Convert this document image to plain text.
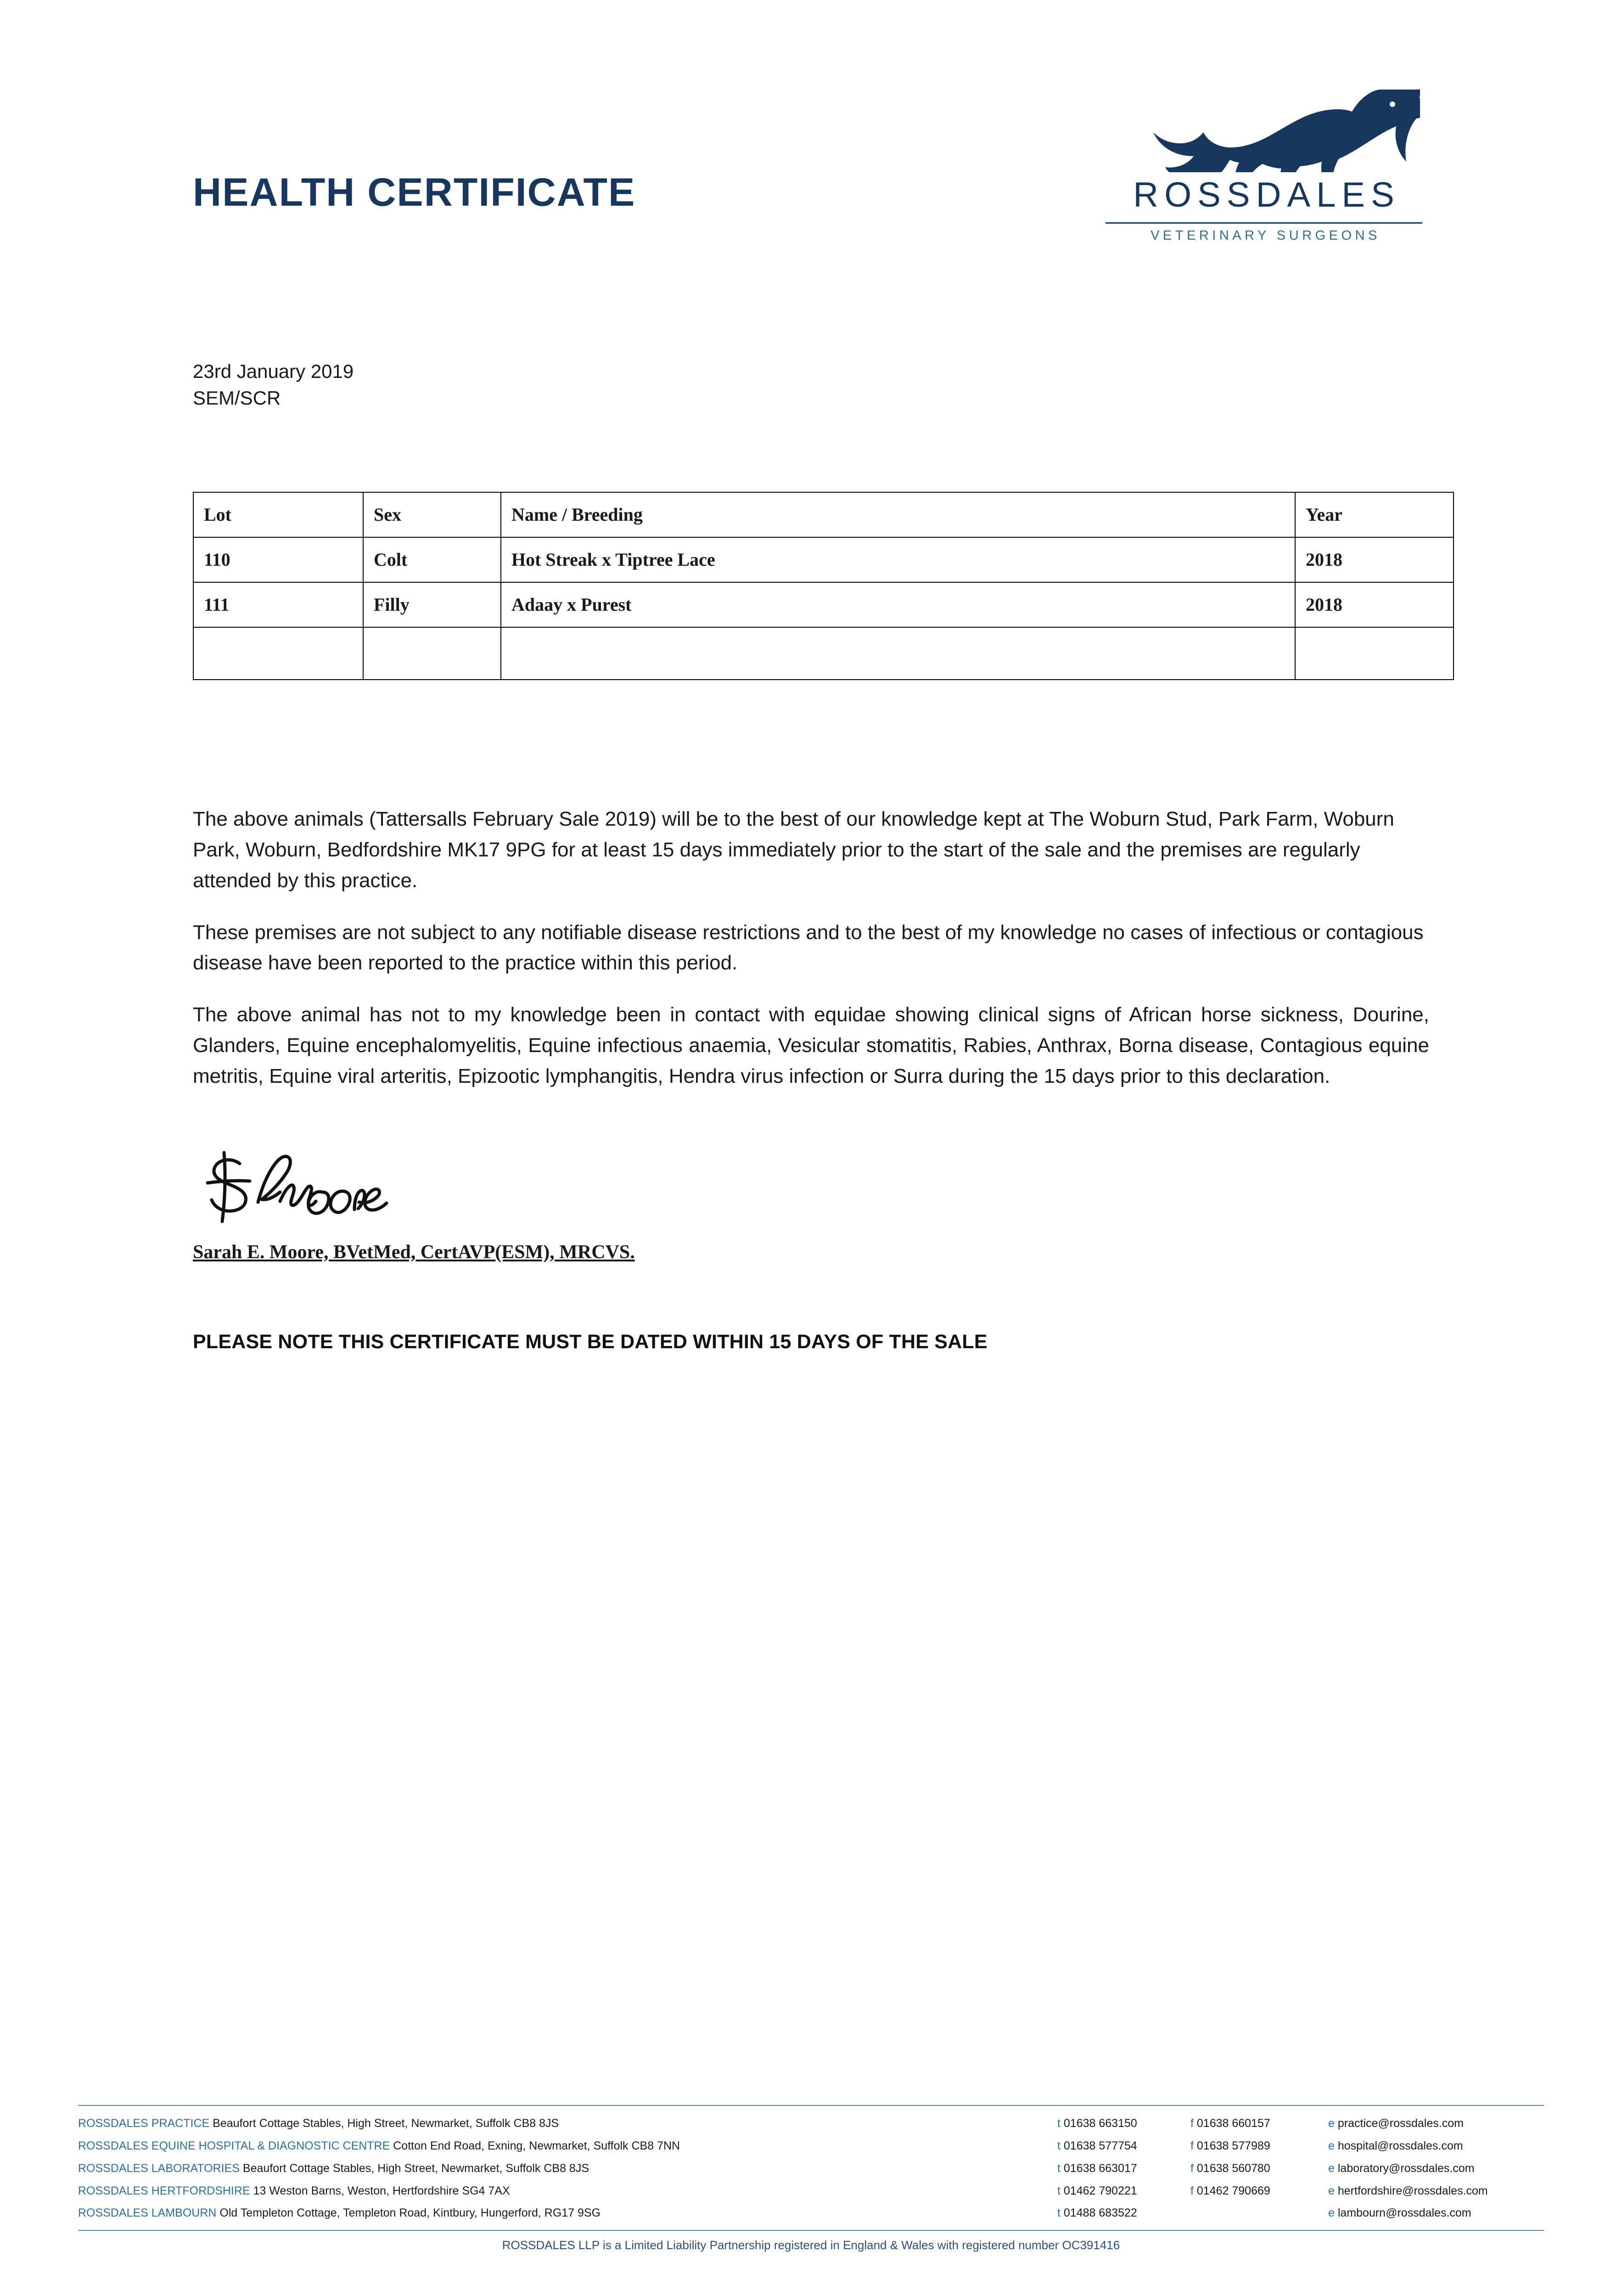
HEALTH CERTIFICATE	ROSSDALES
VETERINARY SURGEONS
23rd January 2019
SEM/SCR
Lot	Sex	Name / Breeding	Year
110	Colt	Hot Streak x Tiptree Lace	2018
111	Filly	Adaay x Purest	2018

The above animals (Tattersalls February Sale 2019) will be to the best of our knowledge kept at The Woburn Stud, Park Farm, Woburn Park, Woburn, Bedfordshire MK17 9PG for at least 15 days immediately prior to the start of the sale and the premises are regularly attended by this practice.

These premises are not subject to any notifiable disease restrictions and to the best of my knowledge no cases of infectious or contagious disease have been reported to the practice within this period.

The above animal has not to my knowledge been in contact with equidae showing clinical signs of African horse sickness, Dourine, Glanders, Equine encephalomyelitis, Equine infectious anaemia, Vesicular stomatitis, Rabies, Anthrax, Borna disease, Contagious equine metritis, Equine viral arteritis, Epizootic lymphangitis, Hendra virus infection or Surra during the 15 days prior to this declaration.

Sarah E. Moore, BVetMed, CertAVP(ESM), MRCVS.
PLEASE NOTE THIS CERTIFICATE MUST BE DATED WITHIN 15 DAYS OF THE SALE
ROSSDALES PRACTICE Beaufort Cottage Stables, High Street, Newmarket, Suffolk CB8 8JS	t 01638 663150	f 01638 660157	e practice@rossdales.com
ROSSDALES EQUINE HOSPITAL & DIAGNOSTIC CENTRE Cotton End Road, Exning, Newmarket, Suffolk CB8 7NN	t 01638 577754	f 01638 577989	e hospital@rossdales.com
ROSSDALES LABORATORIES Beaufort Cottage Stables, High Street, Newmarket, Suffolk CB8 8JS	t 01638 663017	f 01638 560780	e laboratory@rossdales.com
ROSSDALES HERTFORDSHIRE 13 Weston Barns, Weston, Hertfordshire SG4 7AX	t 01462 790221	f 01462 790669	e hertfordshire@rossdales.com
ROSSDALES LAMBOURN Old Templeton Cottage, Templeton Road, Kintbury, Hungerford, RG17 9SG	t 01488 683522	e lambourn@rossdales.com
ROSSDALES LLP is a Limited Liability Partnership registered in England & Wales with registered number OC391416
